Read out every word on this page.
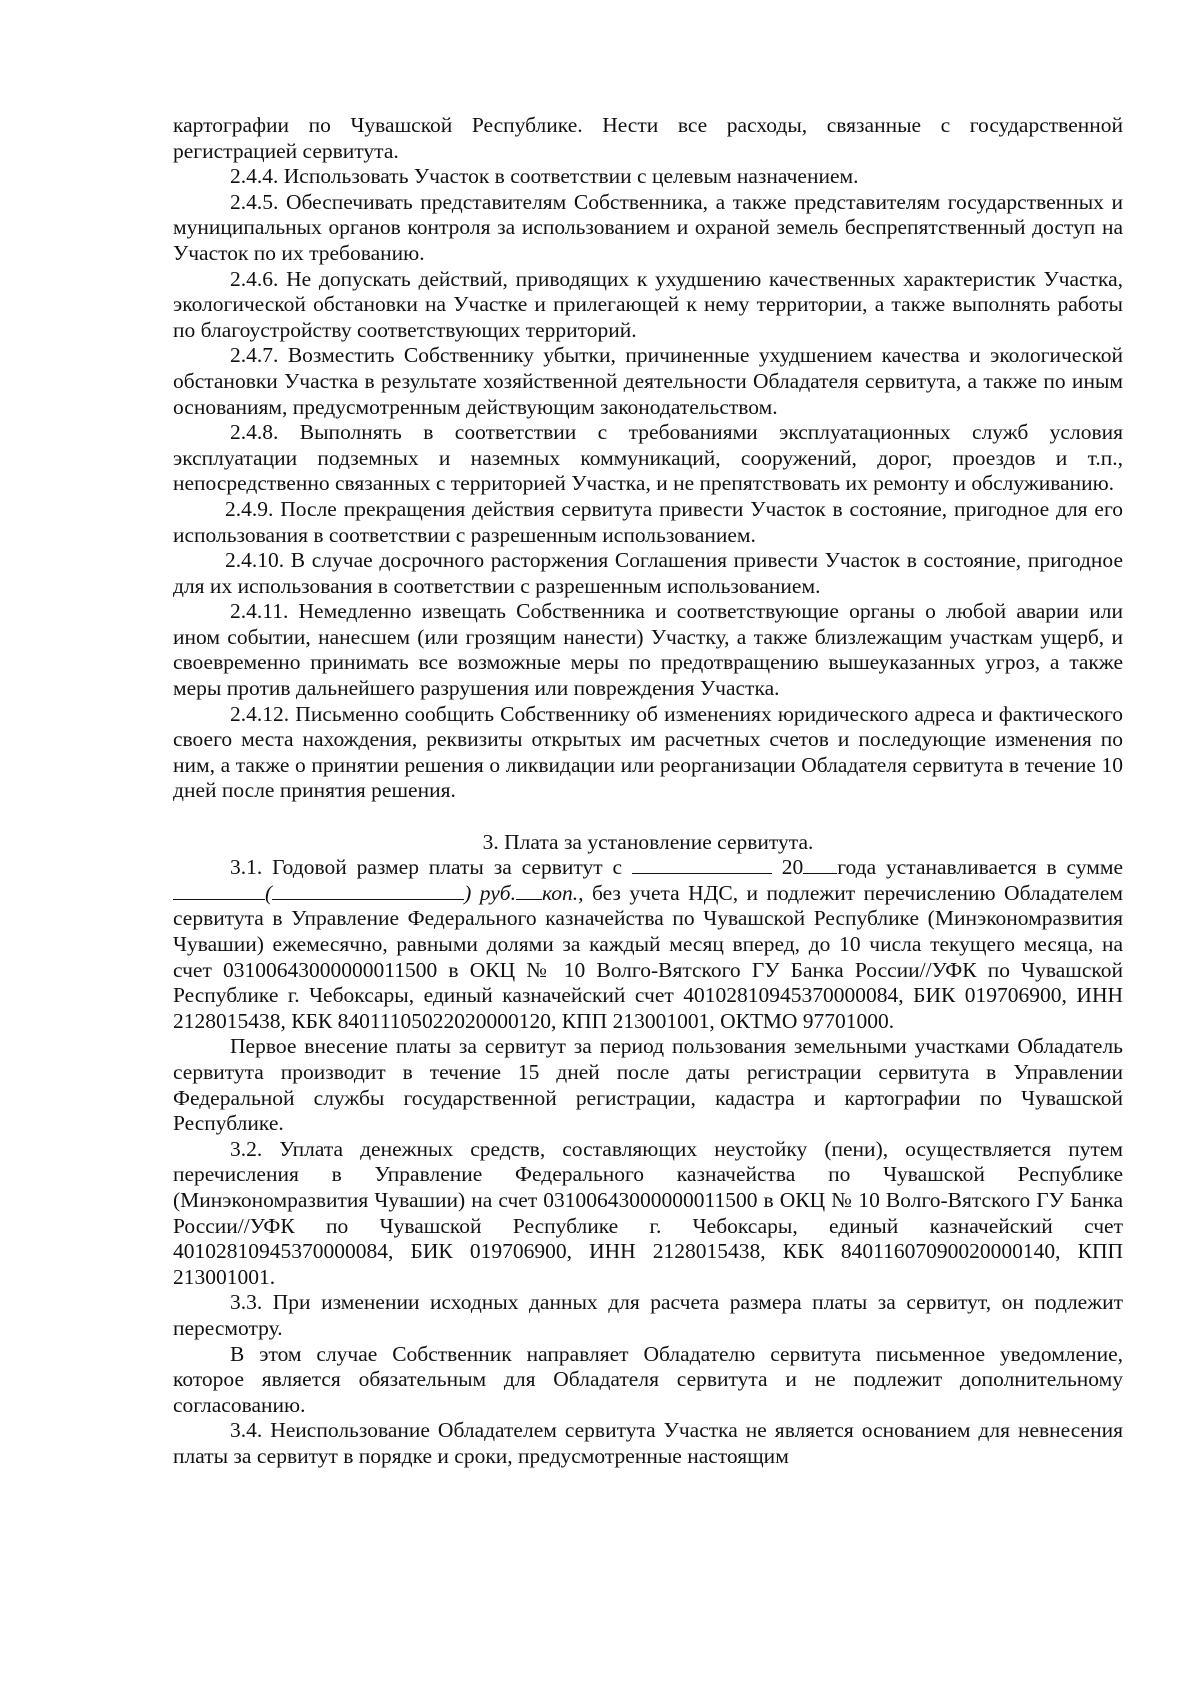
картографии по Чувашской Республике. Нести все расходы, связанные с государственной регистрацией сервитута.

2.4.4. Использовать Участок в соответствии с целевым назначением.

2.4.5. Обеспечивать представителям Собственника, а также представителям государственных и муниципальных органов контроля за использованием и охраной земель беспрепятственный доступ на Участок по их требованию.

2.4.6. Не допускать действий, приводящих к ухудшению качественных характеристик Участка, экологической обстановки на Участке и прилегающей к нему территории, а также выполнять работы по благоустройству соответствующих территорий.

2.4.7. Возместить Собственнику убытки, причиненные ухудшением качества и экологической обстановки Участка в результате хозяйственной деятельности Обладателя сервитута, а также по иным основаниям, предусмотренным действующим законодательством.

2.4.8. Выполнять в соответствии с требованиями эксплуатационных служб условия эксплуатации подземных и наземных коммуникаций, сооружений, дорог, проездов и т.п., непосредственно связанных с территорией Участка, и не препятствовать их ремонту и обслуживанию.

2.4.9. После прекращения действия сервитута привести Участок в состояние, пригодное для его использования в соответствии с разрешенным использованием.

2.4.10. В случае досрочного расторжения Соглашения привести Участок в состояние, пригодное для их использования в соответствии с разрешенным использованием.

2.4.11. Немедленно извещать Собственника и соответствующие органы о любой аварии или ином событии, нанесшем (или грозящим нанести) Участку, а также близлежащим участкам ущерб, и своевременно принимать все возможные меры по предотвращению вышеуказанных угроз, а также меры против дальнейшего разрушения или повреждения Участка.

2.4.12. Письменно сообщить Собственнику об изменениях юридического адреса и фактического своего места нахождения, реквизиты открытых им расчетных счетов и последующие изменения по ним, а также о принятии решения о ликвидации или реорганизации Обладателя сервитута в течение 10 дней после принятия решения.

3. Плата за установление сервитута.

3.1. Годовой размер платы за сервитут с	20 года устанавливается в сумме (	) руб. коп., без учета НДС, и подлежит перечислению Обладателем сервитута в Управление Федерального казначейства по Чувашской Республике (Минэкономразвития Чувашии) ежемесячно, равными долями за каждый месяц вперед, до 10 числа текущего месяца, на счет 03100643000000011500 в ОКЦ № 10 Волго-Вятского ГУ Банка России//УФК по Чувашской Республике г. Чебоксары, единый казначейский счет 40102810945370000084, БИК 019706900, ИНН 2128015438, КБК 84011105022020000120, КПП 213001001, ОКТМО 97701000.

Первое внесение платы за сервитут за период пользования земельными участками Обладатель сервитута производит в течение 15 дней после даты регистрации сервитута в Управлении Федеральной службы государственной регистрации, кадастра и картографии по Чувашской Республике.

3.2. Уплата денежных средств, составляющих неустойку (пени), осуществляется путем перечисления в Управление Федерального казначейства по Чувашской Республике (Минэкономразвития Чувашии) на счет 03100643000000011500 в ОКЦ № 10 Волго-Вятского ГУ Банка России//УФК по Чувашской Республике г. Чебоксары, единый казначейский счет 40102810945370000084, БИК 019706900, ИНН 2128015438, КБК 84011607090020000140, КПП 213001001.

3.3. При изменении исходных данных для расчета размера платы за сервитут, он подлежит пересмотру.

В этом случае Собственник направляет Обладателю сервитута письменное уведомление, которое является обязательным для Обладателя сервитута и не подлежит дополнительному согласованию.

3.4. Неиспользование Обладателем сервитута Участка не является основанием для невнесения платы за сервитут в порядке и сроки, предусмотренные настоящим
